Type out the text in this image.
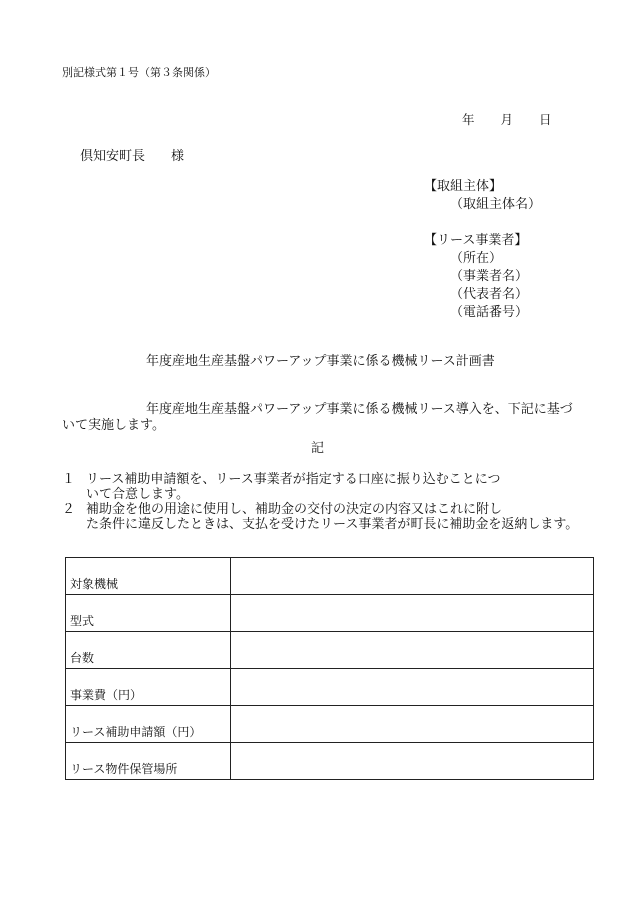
別記様式第１号（第３条関係）
年 月 日
倶知安町長 様
【取組主体】
（取組主体名）
【リース事業者】
（所在）
（事業者名）
（代表者名）
（電話番号）
年度産地生産基盤パワーアップ事業に係る機械リース計画書
年度産地生産基盤パワーアップ事業に係る機械リース導入を、下記に基づいて実施します。
記
１ リース補助申請額を、リース事業者が指定する口座に振り込むことにつ
いて合意します。
２ 補助金を他の用途に使用し、補助金の交付の決定の内容又はこれに附し
た条件に違反したときは、支払を受けたリース事業者が町長に補助金を返納します。
対象機械	
型式	
台数	
事業費（円）	
リース補助申請額（円）	
リース物件保管場所	
